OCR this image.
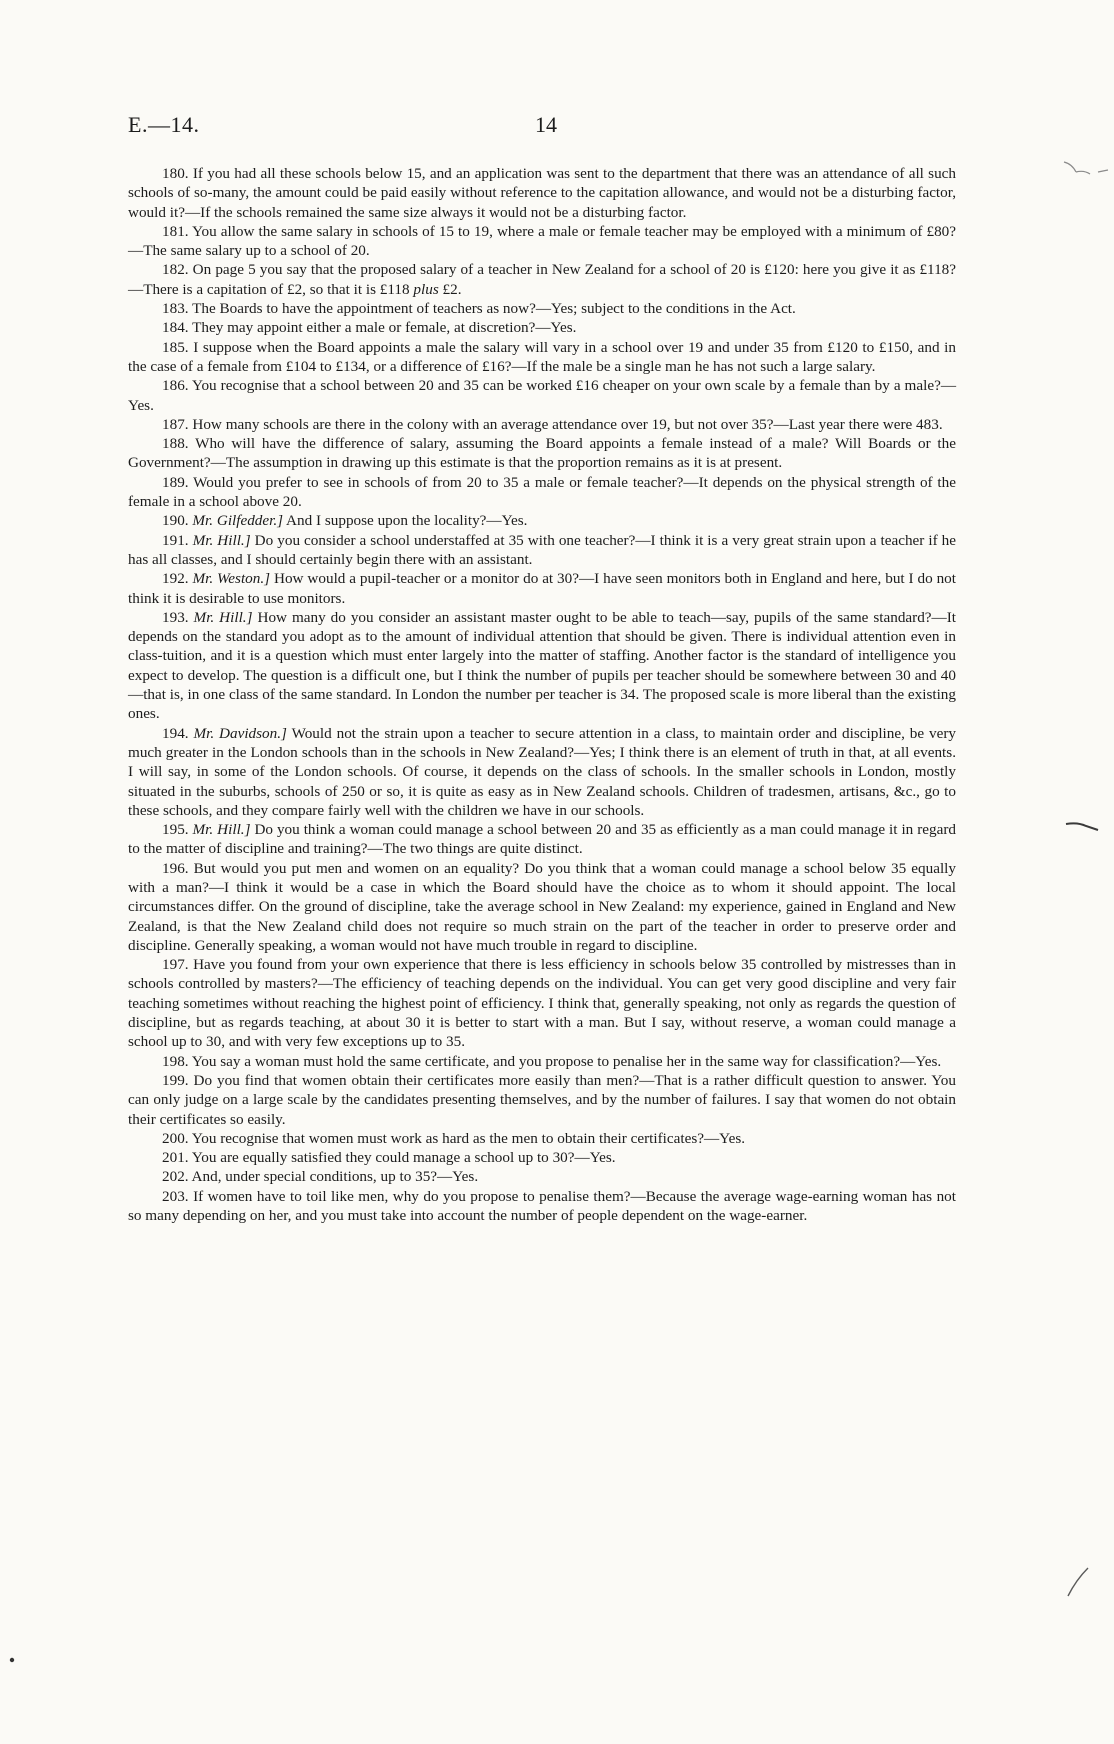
E.—14.	14

180. If you had all these schools below 15, and an application was sent to the department that there was an attendance of all such schools of so-many, the amount could be paid easily without reference to the capitation allowance, and would not be a disturbing factor, would it?—If the schools remained the same size always it would not be a disturbing factor.

181. You allow the same salary in schools of 15 to 19, where a male or female teacher may be employed with a minimum of £80?—The same salary up to a school of 20.

182. On page 5 you say that the proposed salary of a teacher in New Zealand for a school of 20 is £120: here you give it as £118?—There is a capitation of £2, so that it is £118 plus £2.

183. The Boards to have the appointment of teachers as now?—Yes; subject to the conditions in the Act.

184. They may appoint either a male or female, at discretion?—Yes.

185. I suppose when the Board appoints a male the salary will vary in a school over 19 and under 35 from £120 to £150, and in the case of a female from £104 to £134, or a difference of £16?—If the male be a single man he has not such a large salary.

186. You recognise that a school between 20 and 35 can be worked £16 cheaper on your own scale by a female than by a male?—Yes.

187. How many schools are there in the colony with an average attendance over 19, but not over 35?—Last year there were 483.

188. Who will have the difference of salary, assuming the Board appoints a female instead of a male? Will Boards or the Government?—The assumption in drawing up this estimate is that the proportion remains as it is at present.

189. Would you prefer to see in schools of from 20 to 35 a male or female teacher?—It depends on the physical strength of the female in a school above 20.

190. Mr. Gilfedder.] And I suppose upon the locality?—Yes.

191. Mr. Hill.] Do you consider a school understaffed at 35 with one teacher?—I think it is a very great strain upon a teacher if he has all classes, and I should certainly begin there with an assistant.

192. Mr. Weston.] How would a pupil-teacher or a monitor do at 30?—I have seen monitors both in England and here, but I do not think it is desirable to use monitors.

193. Mr. Hill.] How many do you consider an assistant master ought to be able to teach—say, pupils of the same standard?—It depends on the standard you adopt as to the amount of individual attention that should be given. There is individual attention even in class-tuition, and it is a question which must enter largely into the matter of staffing. Another factor is the standard of intelligence you expect to develop. The question is a difficult one, but I think the number of pupils per teacher should be somewhere between 30 and 40—that is, in one class of the same standard. In London the number per teacher is 34. The proposed scale is more liberal than the existing ones.

194. Mr. Davidson.] Would not the strain upon a teacher to secure attention in a class, to maintain order and discipline, be very much greater in the London schools than in the schools in New Zealand?—Yes; I think there is an element of truth in that, at all events. I will say, in some of the London schools. Of course, it depends on the class of schools. In the smaller schools in London, mostly situated in the suburbs, schools of 250 or so, it is quite as easy as in New Zealand schools. Children of tradesmen, artisans, &c., go to these schools, and they compare fairly well with the children we have in our schools.

195. Mr. Hill.] Do you think a woman could manage a school between 20 and 35 as efficiently as a man could manage it in regard to the matter of discipline and training?—The two things are quite distinct.

196. But would you put men and women on an equality? Do you think that a woman could manage a school below 35 equally with a man?—I think it would be a case in which the Board should have the choice as to whom it should appoint. The local circumstances differ. On the ground of discipline, take the average school in New Zealand: my experience, gained in England and New Zealand, is that the New Zealand child does not require so much strain on the part of the teacher in order to preserve order and discipline. Generally speaking, a woman would not have much trouble in regard to discipline.

197. Have you found from your own experience that there is less efficiency in schools below 35 controlled by mistresses than in schools controlled by masters?—The efficiency of teaching depends on the individual. You can get very good discipline and very fair teaching sometimes without reaching the highest point of efficiency. I think that, generally speaking, not only as regards the question of discipline, but as regards teaching, at about 30 it is better to start with a man. But I say, without reserve, a woman could manage a school up to 30, and with very few exceptions up to 35.

198. You say a woman must hold the same certificate, and you propose to penalise her in the same way for classification?—Yes.

199. Do you find that women obtain their certificates more easily than men?—That is a rather difficult question to answer. You can only judge on a large scale by the candidates presenting themselves, and by the number of failures. I say that women do not obtain their certificates so easily.

200. You recognise that women must work as hard as the men to obtain their certificates?—Yes.

201. You are equally satisfied they could manage a school up to 30?—Yes.

202. And, under special conditions, up to 35?—Yes.

203. If women have to toil like men, why do you propose to penalise them?—Because the average wage-earning woman has not so many depending on her, and you must take into account the number of people dependent on the wage-earner.
